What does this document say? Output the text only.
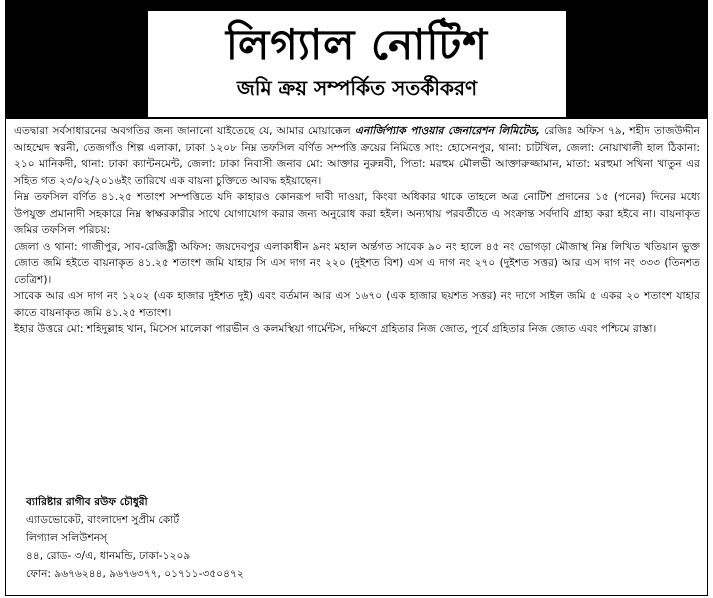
লিগ্যাল নোটিশ
জমি ক্রয় সম্পর্কিত সতর্কীকরণ

এতদ্বারা সর্বসাধারনের অবগতির জন্য জানানো যাইতেছে যে, আমার মোয়াক্কেল এনার্জিপ্যাক পাওয়ার জেনারেশন লিমিটেড, রেজিঃ অফিস ৭৯, শহীদ তাজউদ্দীন আহম্মেদ স্বরনী, তেজগাঁও শিল্প এলাকা, ঢাকা ১২০৮ নিম্ন তফসিল বর্ণিত সম্পত্তি ক্রয়ের নিমিত্তে সাং: হোসেনপুর, থানা: চাটখিল, জেলা: নোয়াখালী হাল ঠিকানা: ২১০ মানিকদী, থানা: ঢাকা ক্যান্টনমেন্ট, জেলা: ঢাকা নিবাসী জনাব মো: আক্তার নুরুন্নবী, পিতা: মরহুম মৌলভী আক্তারুজ্জামান, মাতা: মরহুমা সখিনা খাতুন এর সহিত গত ২৩/০২/২০১৬ইং তারিখে এক বায়না চুক্তিতে আবদ্ধ হইয়াছেন।

নিম্ন তফসিল বর্ণিত ৪১.২৫ শতাংশ সম্পত্তিতে যদি কাহারও কোনরূপ দাবী দাওয়া, কিংবা অধিকার থাকে তাহলে অত্র নোটিশ প্রদানের ১৫ (পনের) দিনের মধ্যে উপযুক্ত প্রমানাদী সহকারে নিম্ন স্বাক্ষরকারীর সাথে যোগাযোগ করার জন্য অনুরোধ করা হইল। অন্যথায় পরবর্তীতে এ সংক্রান্ত সর্বদাবি গ্রাহ্য করা হইবে না। বায়নাকৃত জমির তফসিল পরিচয়:

জেলা ও থানা: গাজীপুর, সাব-রেজিষ্ট্রী অফিস: জয়দেবপুর এলাকাধীন ৯নং মহাল অর্ন্তগত সাবেক ৯০ নং হালে ৪৫ নং ভোগড়া মৌজাস্থ নিম্ন লিখিত খতিয়ান ভুক্ত জোত জমি হইতে বায়নাকৃত ৪১.২৫ শতাংশ জমি যাহার সি এস দাগ নং ২২০ (দুইশত বিশ) এস এ দাগ নং ২৭০ (দুইশত সত্তর) আর এস দাগ নং ৩৩৩ (তিনশত তেত্রিশ)।

সাবেক আর এস দাগ নং ১২০২ (এক হাজার দুইশত দুই) এবং বর্তমান আর এস ১৬৭০ (এক হাজার ছয়শত সত্তর) নং দাগে সাইল জমি ৫ একর ২০ শতাংশ যাহার কাতে বায়নাকৃত জমি ৪১.২৫ শতাংশ।

ইহার উত্তরে মো: শহিদুল্লাহ খান, মিসেস মালেকা পারভীন ও কলমস্থিয়া গার্মেন্টস, দক্ষিণে গ্রহিতার নিজ জোত, পূর্বে গ্রহিতার নিজ জোত এবং পশ্চিমে রাস্তা।

ব্যারিষ্টার রাগীব রউফ চৌধুরী

এ্যাডভোকেট, বাংলাদেশ সুপ্রীম কোর্ট

লিগ্যাল সলিউশনস্

৪৪, রোড- ৩/এ, ধানমন্ডি, ঢাকা-১২০৯

ফোন: ৯৬৭৬২৪৪, ৯৬৭৬৩৭৭, ০১৭১১-৩৫০৪৭২
